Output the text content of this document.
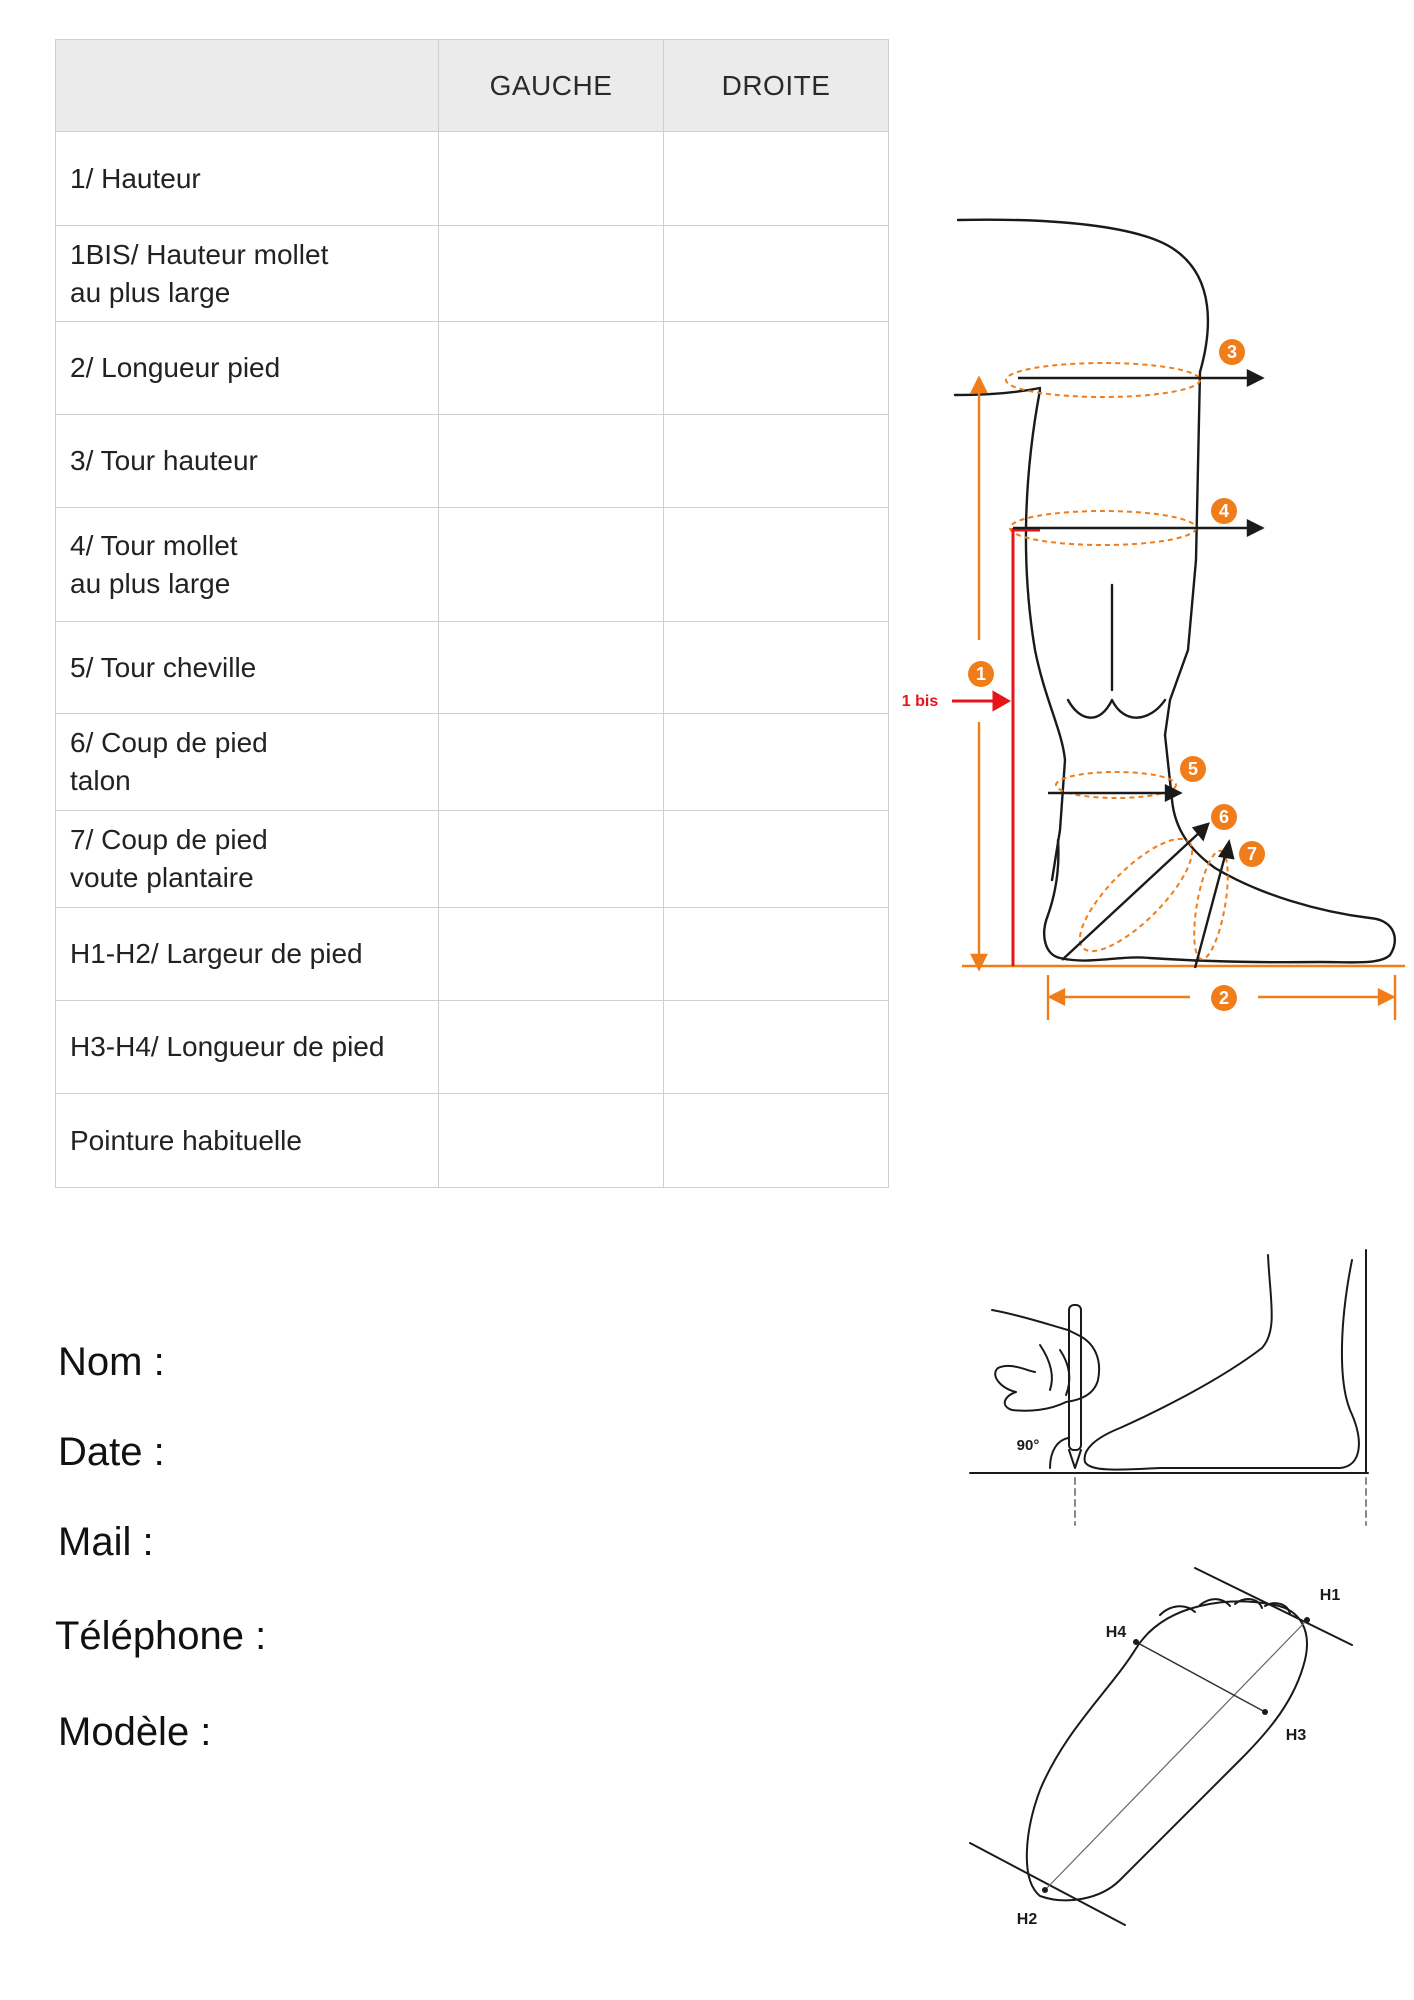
	GAUCHE	DROITE
1/ Hauteur		
1BIS/ Hauteur mollet
au plus large		
2/ Longueur pied		
3/ Tour hauteur		
4/ Tour mollet
au plus large		
5/ Tour cheville		
6/ Coup de pied
talon		
7/ Coup de pied
voute plantaire		
H1-H2/ Largeur de pied		
H3-H4/ Longueur de pied		
Pointure habituelle		
3
4
1
5
6
7
2
1 bis
Nom :
Date :
Mail :
Téléphone :
Modèle :
90°
H1
H2
H3
H4
